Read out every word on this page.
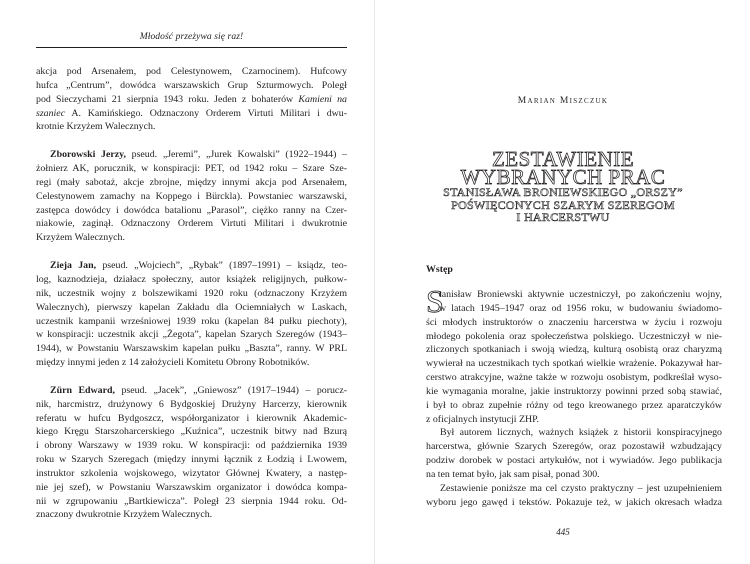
Młodość przeżywa się raz!
akcja pod Arsenałem, pod Celestynowem, Czarnocinem). Hufcowy
hufca „Centrum”, dowódca warszawskich Grup Szturmowych. Poległ
pod Sieczychami 21 sierpnia 1943 roku. Jeden z bohaterów Kamieni na
szaniec A. Kamińskiego. Odznaczony Orderem Virtuti Militari i dwu-
krotnie Krzyżem Walecznych.
Zborowski Jerzy, pseud. „Jeremi”, „Jurek Kowalski” (1922–1944) –
żołnierz AK, porucznik, w konspiracji: PET, od 1942 roku – Szare Sze-
regi (mały sabotaż, akcje zbrojne, między innymi akcja pod Arsenałem,
Celestynowem zamachy na Koppego i Bürckla). Powstaniec warszawski,
zastępca dowódcy i dowódca batalionu „Parasol”, ciężko ranny na Czer-
niakowie, zaginął. Odznaczony Orderem Virtuti Militari i dwukrotnie
Krzyżem Walecznych.
Zieja Jan, pseud. „Wojciech”, „Rybak” (1897–1991) – ksiądz, teo-
log, kaznodzieja, działacz społeczny, autor książek religijnych, pułkow-
nik, uczestnik wojny z bolszewikami 1920 roku (odznaczony Krzyżem
Walecznych), pierwszy kapelan Zakładu dla Ociemniałych w Laskach,
uczestnik kampanii wrześniowej 1939 roku (kapelan 84 pułku piechoty),
w konspiracji: uczestnik akcji „Żegota”, kapelan Szarych Szeregów (1943–
1944), w Powstaniu Warszawskim kapelan pułku „Baszta”, ranny. W PRL
między innymi jeden z 14 założycieli Komitetu Obrony Robotników.
Zürn Edward, pseud. „Jacek”, „Gniewosz” (1917–1944) – porucz-
nik, harcmistrz, drużynowy 6 Bydgoskiej Drużyny Harcerzy, kierownik
referatu w hufcu Bydgoszcz, współorganizator i kierownik Akademic-
kiego Kręgu Starszoharcerskiego „Kuźnica”, uczestnik bitwy nad Bzurą
i obrony Warszawy w 1939 roku. W konspiracji: od października 1939
roku w Szarych Szeregach (między innymi łącznik z Łodzią i Lwowem,
instruktor szkolenia wojskowego, wizytator Głównej Kwatery, a następ-
nie jej szef), w Powstaniu Warszawskim organizator i dowódca kompa-
nii w zgrupowaniu „Bartkiewicza”. Poległ 23 sierpnia 1944 roku. Od-
znaczony dwukrotnie Krzyżem Walecznych.
Marian Miszczuk
ZESTAWIENIE
WYBRANYCH PRAC
STANISŁAWA BRONIEWSKIEGO „ORSZY”
POŚWIĘCONYCH SZARYM SZEREGOM
I HARCERSTWU
Wstęp
S
tanisław Broniewski aktywnie uczestniczył, po zakończeniu wojny,
w latach 1945–1947 oraz od 1956 roku, w budowaniu świadomo-
ści młodych instruktorów o znaczeniu harcerstwa w życiu i rozwoju
młodego pokolenia oraz społeczeństwa polskiego. Uczestniczył w nie-
zliczonych spotkaniach i swoją wiedzą, kulturą osobistą oraz charyzmą
wywierał na uczestnikach tych spotkań wielkie wrażenie. Pokazywał har-
cerstwo atrakcyjne, ważne także w rozwoju osobistym, podkreślał wyso-
kie wymagania moralne, jakie instruktorzy powinni przed sobą stawiać,
i był to obraz zupełnie różny od tego kreowanego przez aparatczyków
z oficjalnych instytucji ZHP.
Był autorem licznych, ważnych książek z historii konspiracyjnego
harcerstwa, głównie Szarych Szeregów, oraz pozostawił wzbudzający
podziw dorobek w postaci artykułów, not i wywiadów. Jego publikacja
na ten temat było, jak sam pisał, ponad 300.
Zestawienie poniższe ma cel czysto praktyczny – jest uzupełnieniem
wyboru jego gawęd i tekstów. Pokazuje też, w jakich okresach władza
445
